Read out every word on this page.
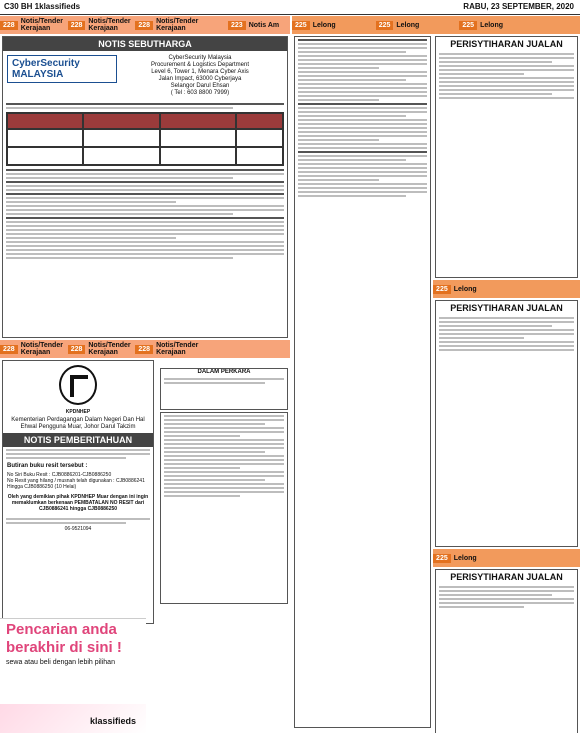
C30 BH 1klassifieds	RABU, 23 SEPTEMBER, 2020
228 Notis/Tender Kerajaan	228 Notis/Tender Kerajaan	228 Notis/Tender Kerajaan
NOTIS SEBUTHARGA
CyberSecurity MALAYSIA
CyberSecurity Malaysia
Procurement & Logistics Department
Level 6, Tower 1, Menara Cyber Axis
Jalan Impact, 63000 Cyberjaya
Selangor Darul Ehsan
( Tel : 603 8800 7999)
228 Notis/Tender Kerajaan	228 Notis/Tender Kerajaan	228 Notis/Tender Kerajaan
KPDNHEP
Kementerian Perdagangan Dalam Negeri Dan Hal Ehwal Pengguna Muar, Johor Darul Takzim
NOTIS PEMBERITAHUAN
Butiran buku resit tersebut :
No Siri Buku Resit : CJB0886201-CJB0886250
No Resit yang hilang / musnah telah digunakan : CJB0886241 Hingga CJB0886250 (10 Helai)
Oleh yang demikian pihak KPDNHEP Muar dengan ini ingin memaklumkan berkenaan PEMBATALAN NO RESIT dari CJB0886241 hingga CJB0886250
06-9521094
DALAM PERKARA
Pencarian anda
berakhir di sini !
sewa atau beli dengan lebih pilihan
klassifieds
223 Notis Am	225 Lelong	225 Lelong	225 Lelong
PERISYTIHARAN JUALAN
225 Lelong
PERISYTIHARAN JUALAN
225 Lelong
PERISYTIHARAN JUALAN
